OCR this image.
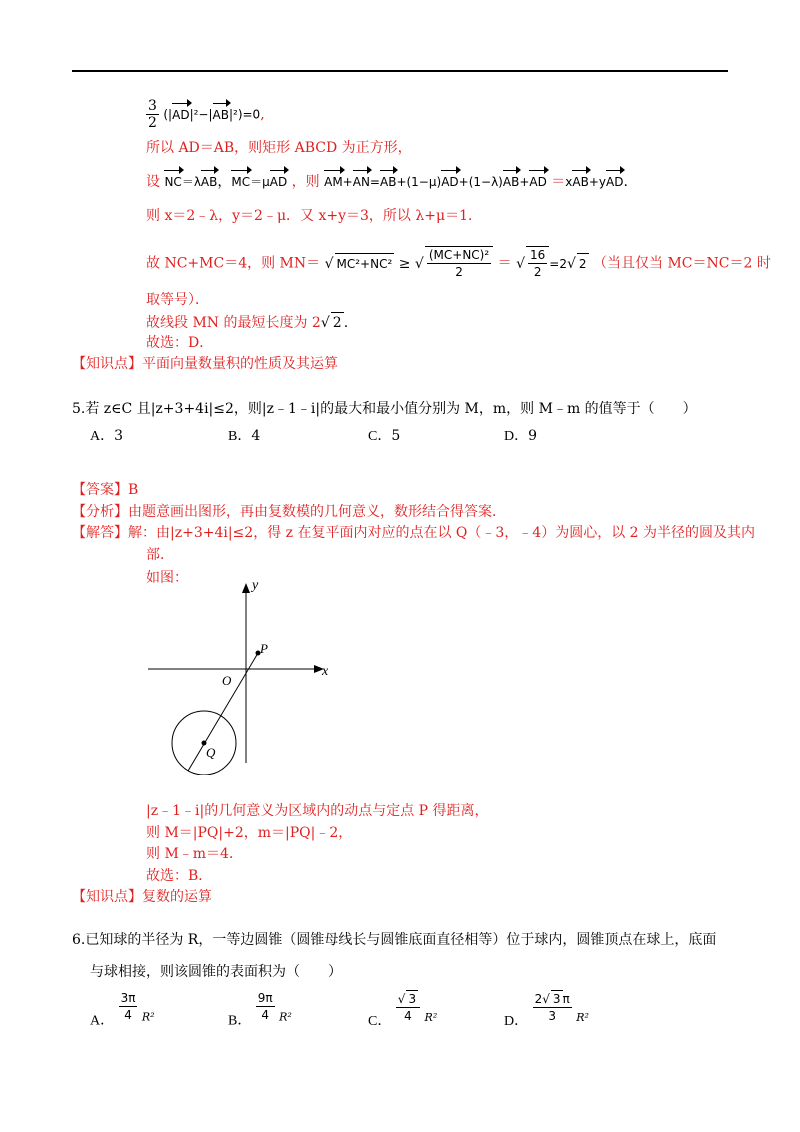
$\frac{3}{2} (|AD|^2-|AB|^2)=0$,
所以 AD＝AB，则矩形 ABCD 为正方形，
设 NC＝λAB，MC＝μAD ，则 AM+AN=AB+(1−μ)AD+(1−λ)AB+AD ＝xAB+yAD.
则 x＝2﹣λ，y＝2﹣μ．又 x+y＝3，所以 λ+μ＝1．
故 NC+MC＝4，则 MN＝ √ MC²+NC² ≥ √ $\frac{\text{(MC+NC)²}}{2}$ ＝ √ $\frac{16}{2} =2√$ 2 （当且仅当 MC＝NC＝2 时
取等号）．
故线段 MN 的最短长度为 2√ 2 .
故选：D．
【知识点】平面向量数量积的性质及其运算
5.若 z∈C 且|z+3+4i|≤2，则|z﹣1﹣i|的最大和最小值分别为 M，m，则 M﹣m 的值等于（　　）
A．3	B．4	C．5	D．9
【答案】B
【分析】由题意画出图形，再由复数模的几何意义，数形结合得答案．
【解答】解：由|z+3+4i|≤2，得 z 在复平面内对应的点在以 Q（﹣3，﹣4）为圆心，以 2 为半径的圆及其内
部．
如图：	y
x
P
O
Q
|z﹣1﹣i|的几何意义为区域内的动点与定点 P 得距离，
则 M＝|PQ|+2，m＝|PQ|﹣2，
则 M﹣m＝4．
故选：B．
【知识点】复数的运算
6.已知球的半径为 R，一等边圆锥（圆锥母线长与圆锥底面直径相等）位于球内，圆锥顶点在球上，底面
与球相接，则该圆锥的表面积为（　　）
A． $\frac{3\pi}{4} _{R^2}$	B． $\frac{9\pi}{4} _{R^2}$	C． $\frac{√ 3}{4} _{R^2}$	D． $\frac{2√ 3 \pi}{3} _{R^2}$
